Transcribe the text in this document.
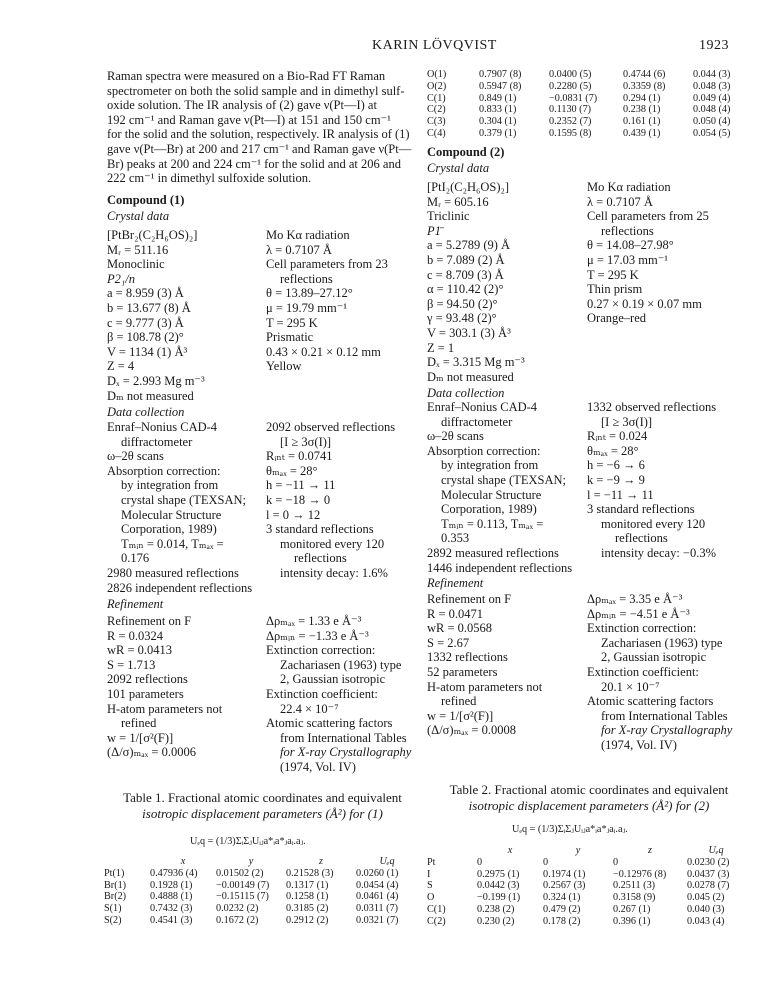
KARIN LÖVQVIST	1923
Raman spectra were measured on a Bio-Rad FT Raman
spectrometer on both the solid sample and in dimethyl sulf-
oxide solution. The IR analysis of (2) gave ν(Pt—I) at
192 cm⁻¹ and Raman gave ν(Pt—I) at 151 and 150 cm⁻¹
for the solid and the solution, respectively. IR analysis of (1)
gave ν(Pt—Br) at 200 and 217 cm⁻¹ and Raman gave ν(Pt—
Br) peaks at 200 and 224 cm⁻¹ for the solid and at 206 and
222 cm⁻¹ in dimethyl sulfoxide solution.
Compound (1)
Crystal data
[PtBr₂(C₂H₆OS)₂]
Mᵣ = 511.16
Monoclinic
P2₁/n
a = 8.959 (3) Å
b = 13.677 (8) Å
c = 9.777 (3) Å
β = 108.78 (2)°
V = 1134 (1) Å³
Z = 4
Dₓ = 2.993 Mg m⁻³
Dₘ not measured
Mo Kα radiation
λ = 0.7107 Å
Cell parameters from 23
reflections
θ = 13.89–27.12°
μ = 19.79 mm⁻¹
T = 295 K
Prismatic
0.43 × 0.21 × 0.12 mm
Yellow
Data collection
Enraf–Nonius CAD-4
diffractometer
ω–2θ scans
Absorption correction:
by integration from
crystal shape (TEXSAN;
Molecular Structure
Corporation, 1989)
Tₘᵢₙ = 0.014, Tₘₐₓ =
0.176
2980 measured reflections
2826 independent reflections
2092 observed reflections
[I ≥ 3σ(I)]
Rᵢₙₜ = 0.0741
θₘₐₓ = 28°
h = −11 → 11
k = −18 → 0
l = 0 → 12
3 standard reflections
monitored every 120
reflections
intensity decay: 1.6%
Refinement
Refinement on F
R = 0.0324
wR = 0.0413
S = 1.713
2092 reflections
101 parameters
H-atom parameters not
refined
w = 1/[σ²(F)]
(Δ/σ)ₘₐₓ = 0.0006
Δρₘₐₓ = 1.33 e Å⁻³
Δρₘᵢₙ = −1.33 e Å⁻³
Extinction correction:
Zachariasen (1963) type
2, Gaussian isotropic
Extinction coefficient:
22.4 × 10⁻⁷
Atomic scattering factors
from International Tables
for X-ray Crystallography
(1974, Vol. IV)
Table 1. Fractional atomic coordinates and equivalent
isotropic displacement parameters (Å²) for (1)
Uₑq = (1/3)ΣᵢΣⱼUᵢⱼa*ᵢa*ⱼaᵢ.aⱼ.
	x	y	z	Uₑq
Pt(1)	0.47936 (4)	0.01502 (2)	0.21528 (3)	0.0260 (1)
Br(1)	0.1928 (1)	−0.00149 (7)	0.1317 (1)	0.0454 (4)
Br(2)	0.4888 (1)	−0.15115 (7)	0.1258 (1)	0.0461 (4)
S(1)	0.7432 (3)	0.0232 (2)	0.3185 (2)	0.0311 (7)
S(2)	0.4541 (3)	0.1672 (2)	0.2912 (2)	0.0321 (7)
O(1)	0.7907 (8)	0.0400 (5)	0.4744 (6)	0.044 (3)
O(2)	0.5947 (8)	0.2280 (5)	0.3359 (8)	0.048 (3)
C(1)	0.849 (1)	−0.0831 (7)	0.294 (1)	0.049 (4)
C(2)	0.833 (1)	0.1130 (7)	0.238 (1)	0.048 (4)
C(3)	0.304 (1)	0.2352 (7)	0.161 (1)	0.050 (4)
C(4)	0.379 (1)	0.1595 (8)	0.439 (1)	0.054 (5)
Compound (2)
Crystal data
[PtI₂(C₂H₆OS)₂]
Mᵣ = 605.16
Triclinic
P1̄
a = 5.2789 (9) Å
b = 7.089 (2) Å
c = 8.709 (3) Å
α = 110.42 (2)°
β = 94.50 (2)°
γ = 93.48 (2)°
V = 303.1 (3) Å³
Z = 1
Dₓ = 3.315 Mg m⁻³
Dₘ not measured
Mo Kα radiation
λ = 0.7107 Å
Cell parameters from 25
reflections
θ = 14.08–27.98°
μ = 17.03 mm⁻¹
T = 295 K
Thin prism
0.27 × 0.19 × 0.07 mm
Orange–red
Data collection
Enraf–Nonius CAD-4
diffractometer
ω–2θ scans
Absorption correction:
by integration from
crystal shape (TEXSAN;
Molecular Structure
Corporation, 1989)
Tₘᵢₙ = 0.113, Tₘₐₓ =
0.353
2892 measured reflections
1446 independent reflections
1332 observed reflections
[I ≥ 3σ(I)]
Rᵢₙₜ = 0.024
θₘₐₓ = 28°
h = −6 → 6
k = −9 → 9
l = −11 → 11
3 standard reflections
monitored every 120
reflections
intensity decay: −0.3%
Refinement
Refinement on F
R = 0.0471
wR = 0.0568
S = 2.67
1332 reflections
52 parameters
H-atom parameters not
refined
w = 1/[σ²(F)]
(Δ/σ)ₘₐₓ = 0.0008
Δρₘₐₓ = 3.35 e Å⁻³
Δρₘᵢₙ = −4.51 e Å⁻³
Extinction correction:
Zachariasen (1963) type
2, Gaussian isotropic
Extinction coefficient:
20.1 × 10⁻⁷
Atomic scattering factors
from International Tables
for X-ray Crystallography
(1974, Vol. IV)
Table 2. Fractional atomic coordinates and equivalent
isotropic displacement parameters (Å²) for (2)
Uₑq = (1/3)ΣᵢΣⱼUᵢⱼa*ᵢa*ⱼaᵢ.aⱼ.
	x	y	z	Uₑq
Pt	0	0	0	0.0230 (2)
I	0.2975 (1)	0.1974 (1)	−0.12976 (8)	0.0437 (3)
S	0.0442 (3)	0.2567 (3)	0.2511 (3)	0.0278 (7)
O	−0.199 (1)	0.324 (1)	0.3158 (9)	0.045 (2)
C(1)	0.238 (2)	0.479 (2)	0.267 (1)	0.040 (3)
C(2)	0.230 (2)	0.178 (2)	0.396 (1)	0.043 (4)
